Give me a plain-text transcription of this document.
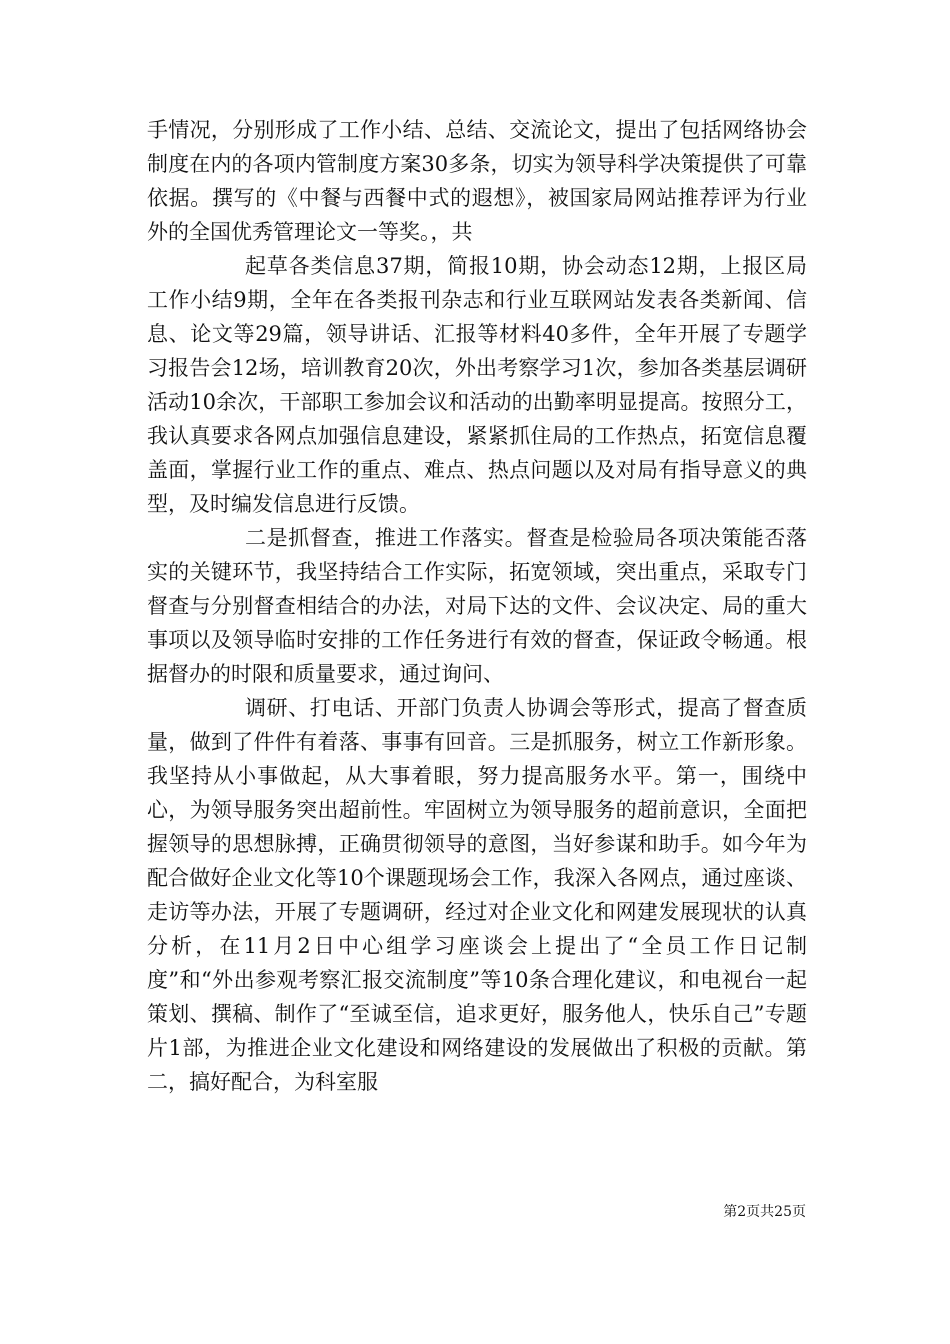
手情况，分别形成了工作小结、总结、交流论文，提出了包括网络协会制度在内的各项内管制度方案30多条，切实为领导科学决策提供了可靠依据。撰写的《中餐与西餐中式的遐想》，被国家局网站推荐评为行业外的全国优秀管理论文一等奖。，共

起草各类信息37期，简报10期，协会动态12期，上报区局工作小结9期，全年在各类报刊杂志和行业互联网站发表各类新闻、信息、论文等29篇，领导讲话、汇报等材料40多件，全年开展了专题学习报告会12场，培训教育20次，外出考察学习1次，参加各类基层调研活动10余次，干部职工参加会议和活动的出勤率明显提高。按照分工，我认真要求各网点加强信息建设，紧紧抓住局的工作热点，拓宽信息覆盖面，掌握行业工作的重点、难点、热点问题以及对局有指导意义的典型，及时编发信息进行反馈。

二是抓督查，推进工作落实。督查是检验局各项决策能否落实的关键环节，我坚持结合工作实际，拓宽领域，突出重点，采取专门督查与分别督查相结合的办法，对局下达的文件、会议决定、局的重大事项以及领导临时安排的工作任务进行有效的督查，保证政令畅通。根据督办的时限和质量要求，通过询问、

调研、打电话、开部门负责人协调会等形式，提高了督查质量，做到了件件有着落、事事有回音。三是抓服务，树立工作新形象。我坚持从小事做起，从大事着眼，努力提高服务水平。第一，围绕中心，为领导服务突出超前性。牢固树立为领导服务的超前意识，全面把握领导的思想脉搏，正确贯彻领导的意图，当好参谋和助手。如今年为配合做好企业文化等10个课题现场会工作，我深入各网点，通过座谈、走访等办法，开展了专题调研，经过对企业文化和网建发展现状的认真分析，在11月2日中心组学习座谈会上提出了“全员工作日记制度”和“外出参观考察汇报交流制度”等10条合理化建议，和电视台一起策划、撰稿、制作了“至诚至信，追求更好，服务他人，快乐自己”专题片1部，为推进企业文化建设和网络建设的发展做出了积极的贡献。第二，搞好配合，为科室服

第2页共25页
